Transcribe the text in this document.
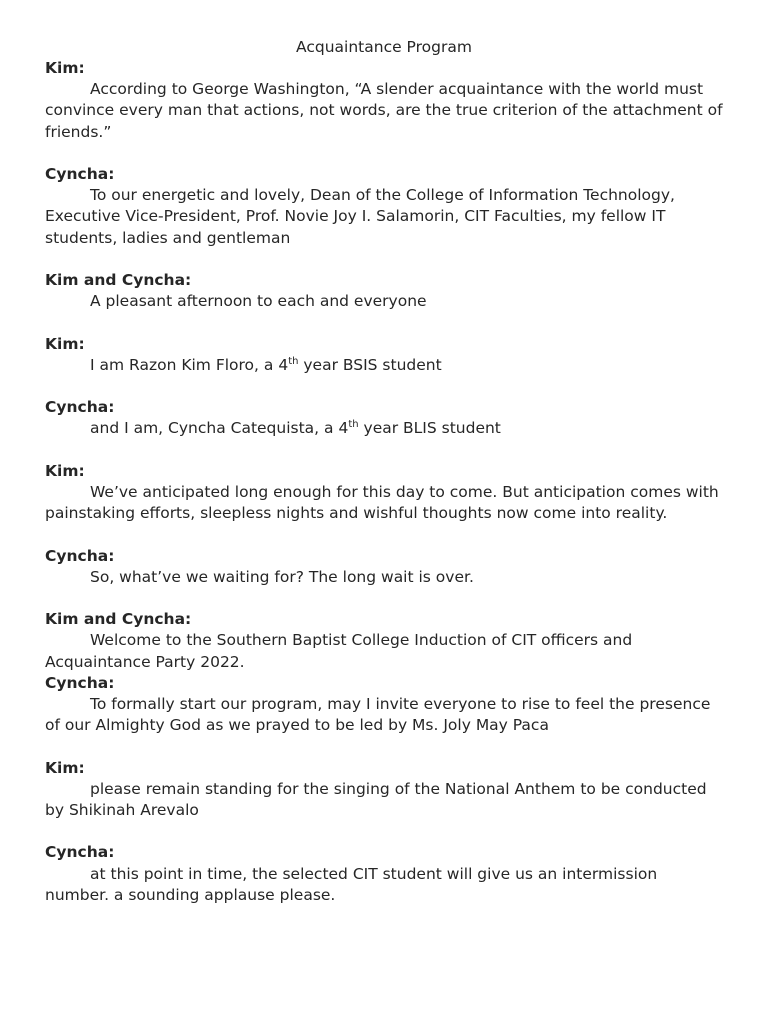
Acquaintance Program

Kim:

According to George Washington, “A slender acquaintance with the world must convince every man that actions, not words, are the true criterion of the attachment of friends.”

Cyncha:

To our energetic and lovely, Dean of the College of Information Technology, Executive Vice-President, Prof. Novie Joy I. Salamorin, CIT Faculties, my fellow IT students, ladies and gentleman

Kim and Cyncha:

A pleasant afternoon to each and everyone

Kim:

I am Razon Kim Floro, a 4th year BSIS student

Cyncha:

and I am, Cyncha Catequista, a 4th year BLIS student

Kim:

We’ve anticipated long enough for this day to come. But anticipation comes with painstaking efforts, sleepless nights and wishful thoughts now come into reality.

Cyncha:

So, what’ve we waiting for? The long wait is over.

Kim and Cyncha:

Welcome to the Southern Baptist College Induction of CIT officers and Acquaintance Party 2022.

Cyncha:

To formally start our program, may I invite everyone to rise to feel the presence of our Almighty God as we prayed to be led by Ms. Joly May Paca

Kim:

please remain standing for the singing of the National Anthem to be conducted by Shikinah Arevalo

Cyncha:

at this point in time, the selected CIT student will give us an intermission number. a sounding applause please.
